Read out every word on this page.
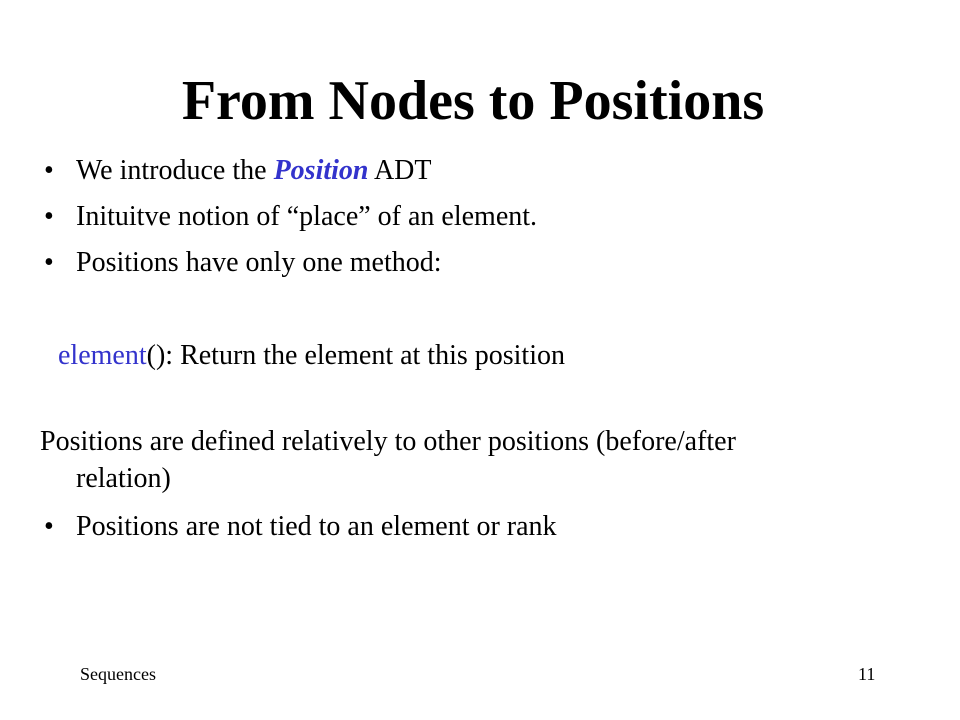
From Nodes to Positions
• We introduce the Position ADT
• Inituitve notion of “place” of an element.
• Positions have only one method:
element(): Return the element at this position
Positions are defined relatively to other positions (before/after
relation)
• Positions are not tied to an element or rank
Sequences	11
